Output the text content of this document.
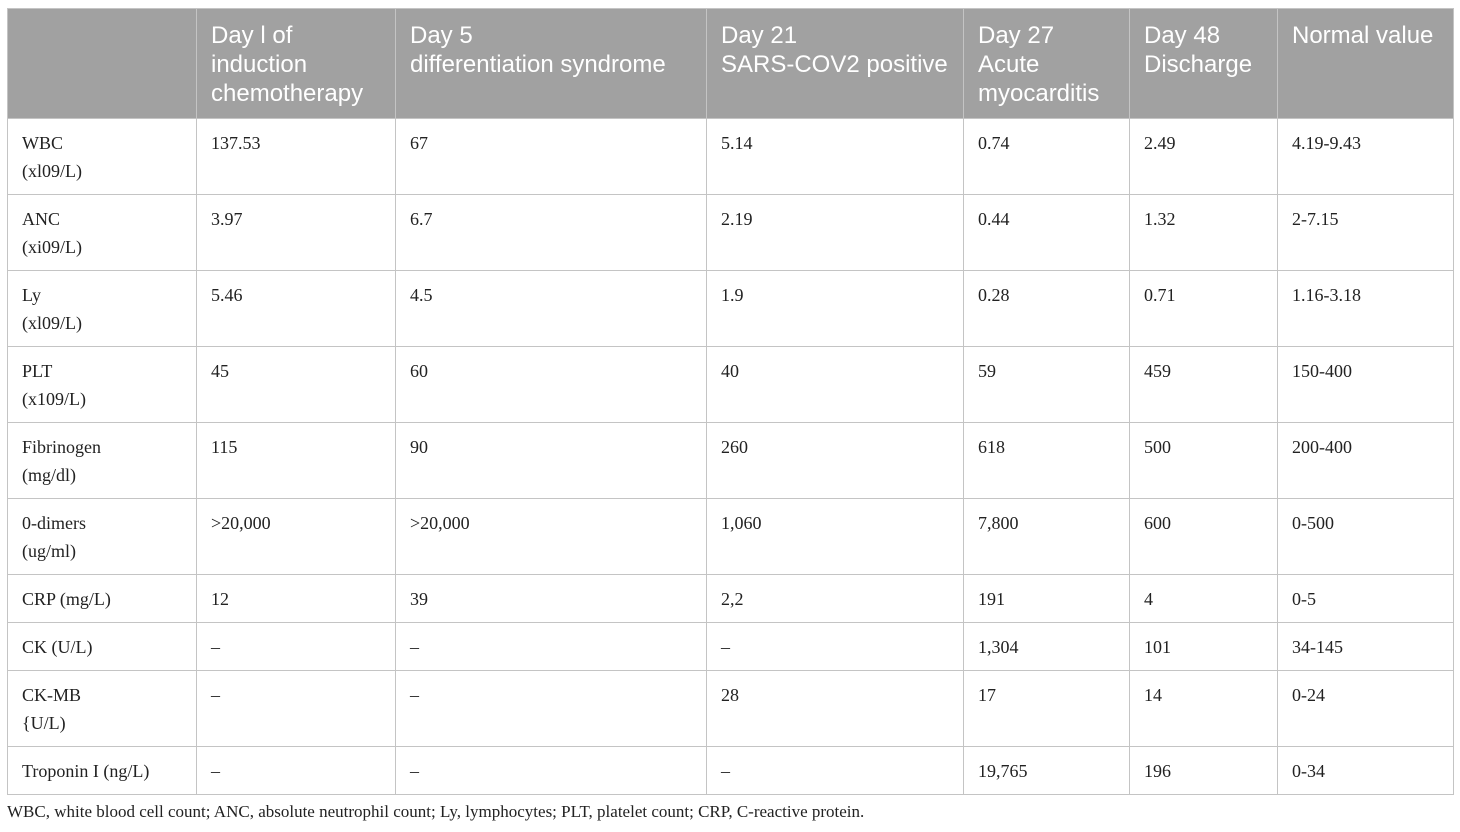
	Day l of
induction
chemotherapy	Day 5
differentiation syndrome	Day 21
SARS-COV2 positive	Day 27
Acute
myocarditis	Day 48
Discharge	Normal value

WBC
(xl09/L)	137.53	67	5.14	0.74	2.49	4.19-9.43

ANC
(xi09/L)	3.97	6.7	2.19	0.44	1.32	2-7.15

Ly
(xl09/L)	5.46	4.5	1.9	0.28	0.71	1.16-3.18

PLT
(x109/L)	45	60	40	59	459	150-400

Fibrinogen
(mg/dl)	115	90	260	618	500	200-400

0-dimers
(ug/ml)	>20,000	>20,000	1,060	7,800	600	0-500

CRP (mg/L)	12	39	2,2	191	4	0-5

CK (U/L)	–	–	–	1,304	101	34-145

CK-MB
{U/L)	–	–	28	17	14	0-24

Troponin I (ng/L)	–	–	–	19,765	196	0-34
WBC, white blood cell count; ANC, absolute neutrophil count; Ly, lymphocytes; PLT, platelet count; CRP, C-reactive protein.
